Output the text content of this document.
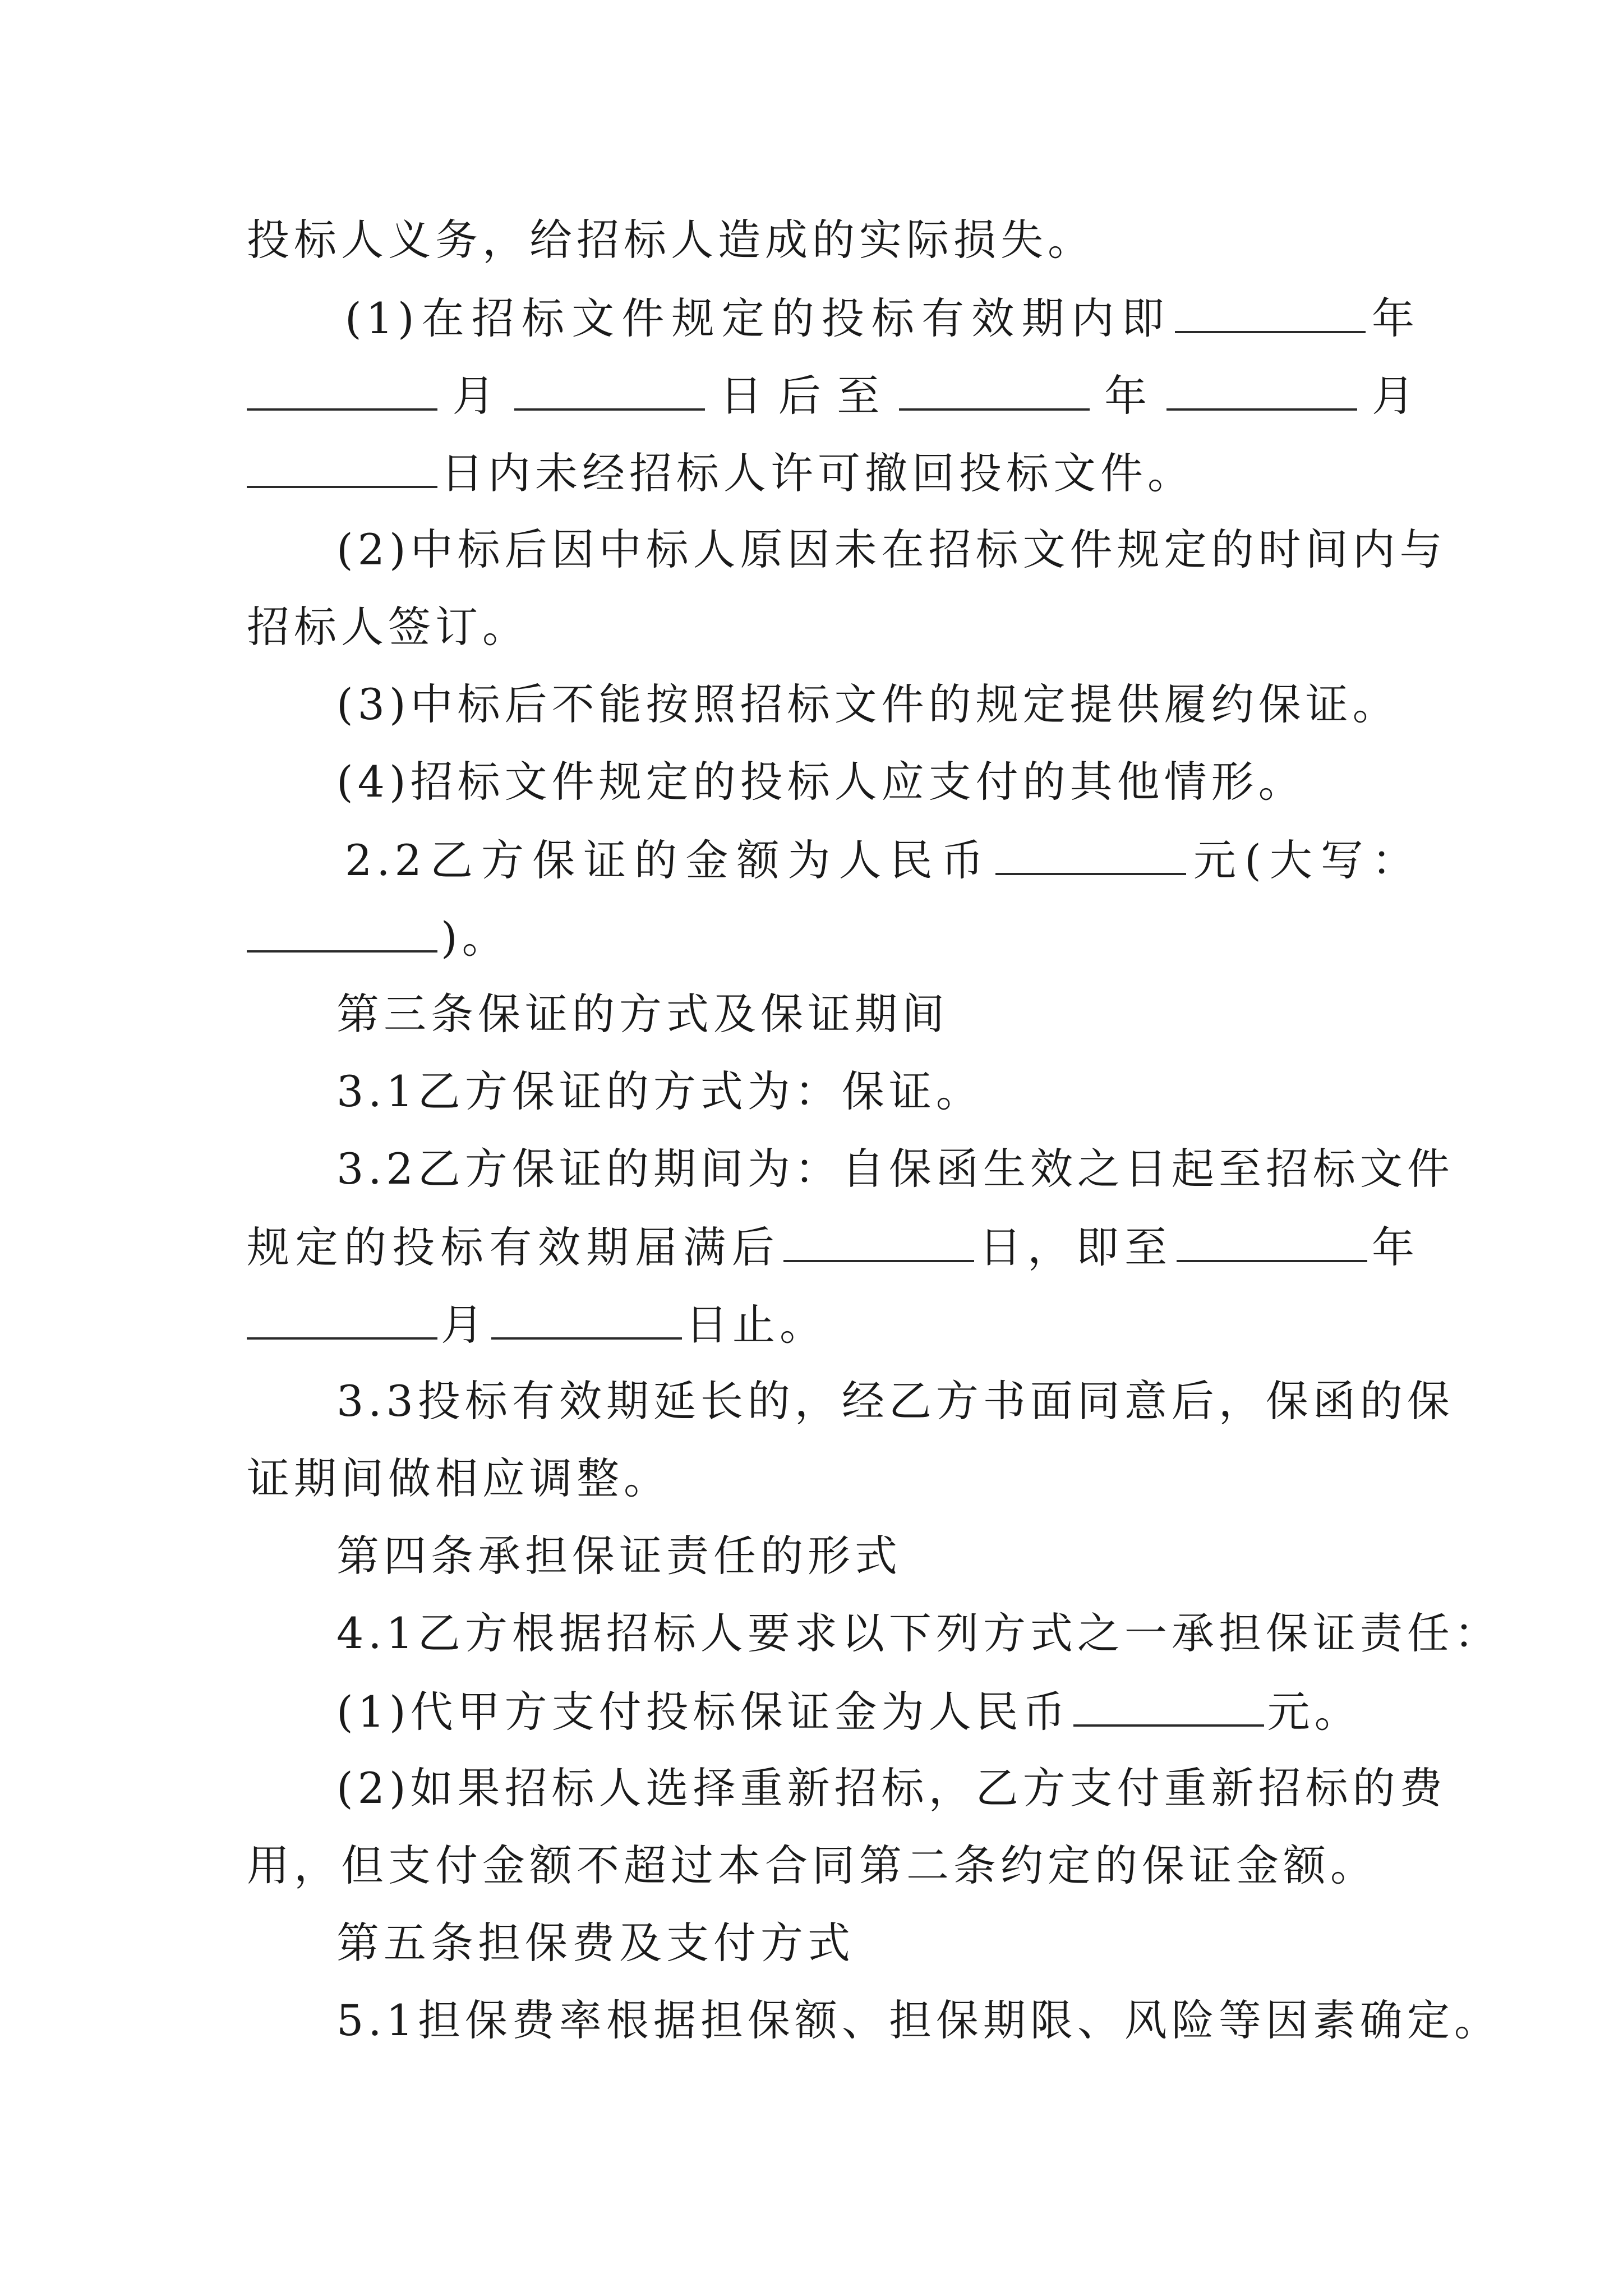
投标人义务，给招标人造成的实际损失。
(1)在招标文件规定的投标有效期内即	年
月	日后至	年	月
日内未经招标人许可撤回投标文件。
(2)中标后因中标人原因未在招标文件规定的时间内与
招标人签订。
(3)中标后不能按照招标文件的规定提供履约保证。
(4)招标文件规定的投标人应支付的其他情形。
2.2乙方保证的金额为人民币	元(大写：
)。
第三条保证的方式及保证期间
3.1乙方保证的方式为：保证。
3.2乙方保证的期间为：自保函生效之日起至招标文件
规定的投标有效期届满后	日，即至	年
月	日止。
3.3投标有效期延长的，经乙方书面同意后，保函的保
证期间做相应调整。
第四条承担保证责任的形式
4.1乙方根据招标人要求以下列方式之一承担保证责任：
(1)代甲方支付投标保证金为人民币	元。
(2)如果招标人选择重新招标，乙方支付重新招标的费
用，但支付金额不超过本合同第二条约定的保证金额。
第五条担保费及支付方式
5.1担保费率根据担保额、担保期限、风险等因素确定。
